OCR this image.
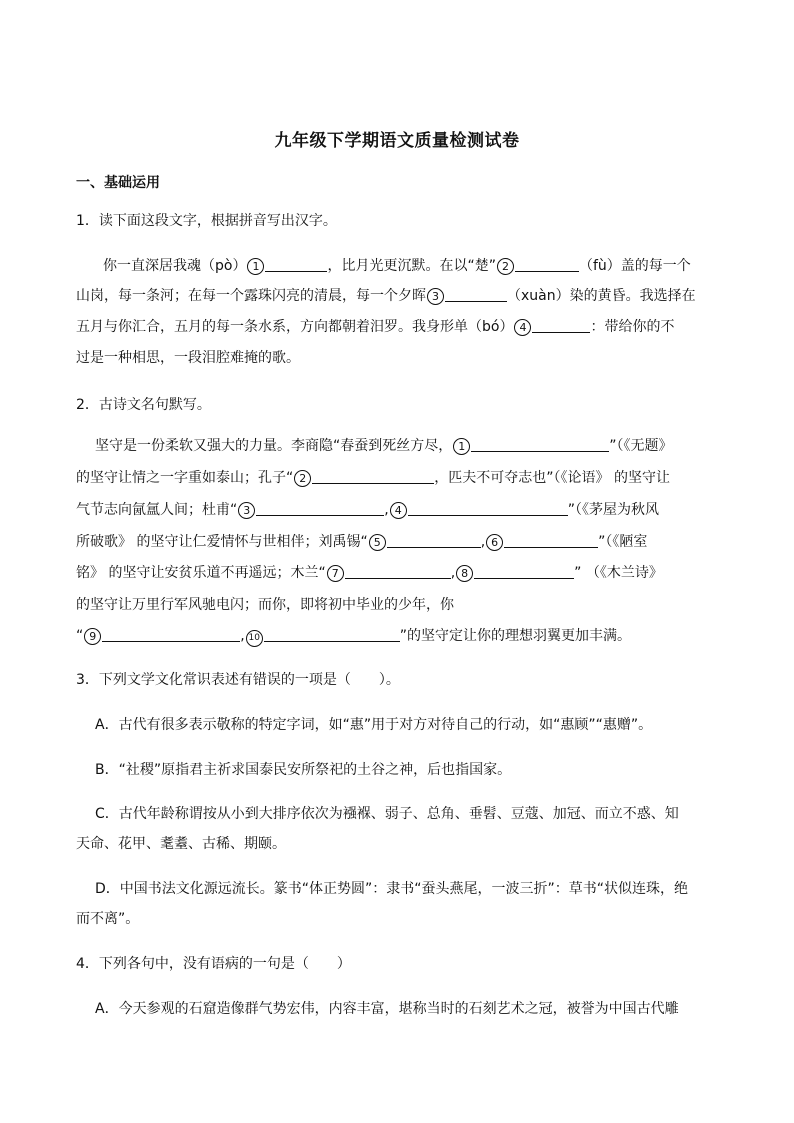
九年级下学期语文质量检测试卷
一、基础运用
1．读下面这段文字，根据拼音写出汉字。
你一直深居我魂（pò） 1	，比月光更沉默。在以“楚” 2	（fù）盖的每一个
山岗，每一条河；在每一个露珠闪亮的清晨，每一个夕晖 3	（xuàn）染的黄昏。我选择在
五月与你汇合，五月的每一条水系，方向都朝着汨罗。我身形单（bó） 4	：带给你的不
过是一种相思，一段泪腔难掩的歌。
2．古诗文名句默写。
坚守是一份柔软又强大的力量。李商隐“春蚕到死丝方尽， 1	”（《无题》
的坚守让情之一字重如泰山；孔子“ 2	，匹夫不可夺志也”（《论语》 的坚守让
气节志向氤氲人间；杜甫“ 3	, 4	”（《茅屋为秋风
所破歌》 的坚守让仁爱情怀与世相伴；刘禹锡“ 5	, 6	”（《陋室
铭》 的坚守让安贫乐道不再遥远；木兰“ 7	, 8	” （《木兰诗》
的坚守让万里行军风驰电闪；而你，即将初中毕业的少年，你
“ 9	, 10	”的坚守定让你的理想羽翼更加丰满。
3．下列文学文化常识表述有错误的一项是（　　）。
A．古代有很多表示敬称的特定字词，如“惠”用于对方对待自己的行动，如“惠顾”“惠赠”。
B．“社稷”原指君主祈求国泰民安所祭祀的土谷之神，后也指国家。
C．古代年龄称谓按从小到大排序依次为襁褓、弱子、总角、垂髫、豆蔻、加冠、而立不惑、知
天命、花甲、耄耋、古稀、期颐。
D．中国书法文化源远流长。篆书“体正势圆”：隶书“蚕头燕尾，一波三折”：草书“状似连珠，绝
而不离”。
4．下列各句中，没有语病的一句是（　　）
A．今天参观的石窟造像群气势宏伟，内容丰富，堪称当时的石刻艺术之冠，被誉为中国古代雕
